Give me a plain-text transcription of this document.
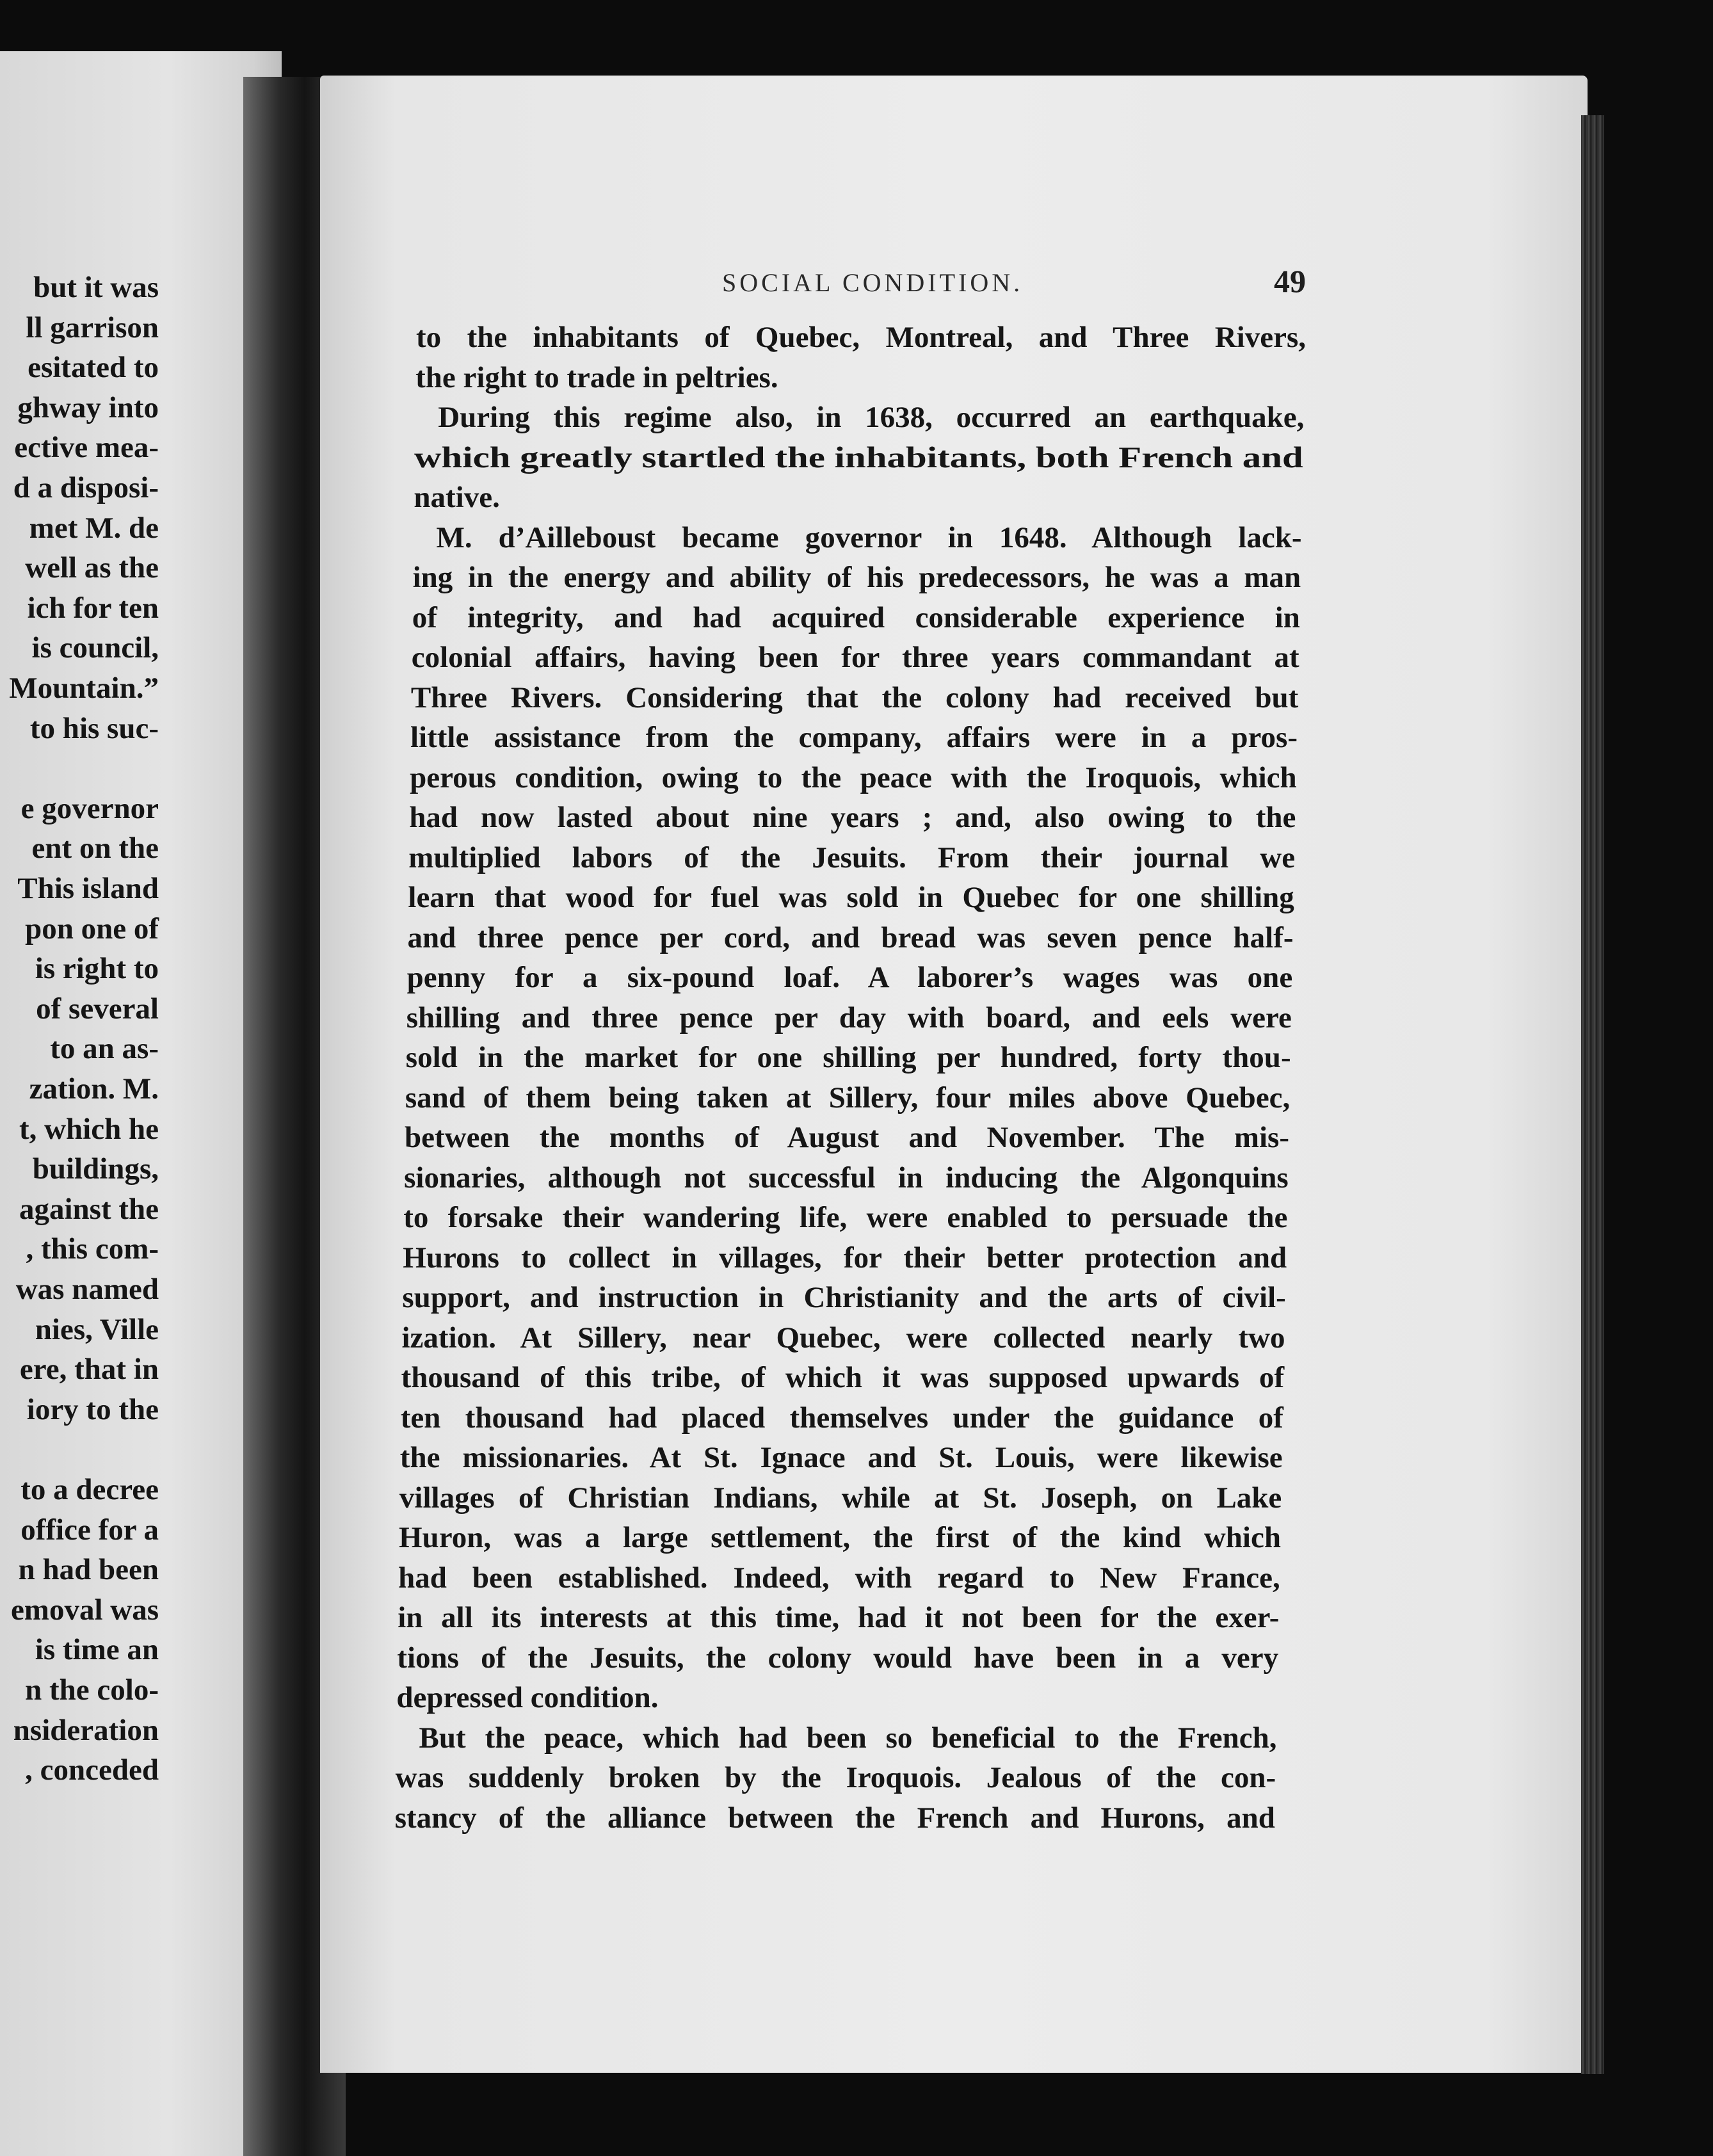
but it was
ll garrison
esitated to
ghway into
ective mea-
d a disposi-
met M. de
well as the
ich for ten
is council,
Mountain.”
to his suc-
e governor
ent on the
This island
pon one of
is right to
of several
to an as-
zation. M.
t, which he
buildings,
against the
, this com-
was named
nies, Ville
ere, that in
iory to the
to a decree
office for a
n had been
emoval was
is time an
n the colo-
nsideration
, conceded
SOCIAL CONDITION.	49
to the inhabitants of Quebec, Montreal, and Three Rivers,
the right to trade in peltries.
During this regime also, in 1638, occurred an earthquake,
which greatly startled the inhabitants, both French and
native.
M. d’Ailleboust became governor in 1648. Although lack-
ing in the energy and ability of his predecessors, he was a man
of integrity, and had acquired considerable experience in
colonial affairs, having been for three years commandant at
Three Rivers. Considering that the colony had received but
little assistance from the company, affairs were in a pros-
perous condition, owing to the peace with the Iroquois, which
had now lasted about nine years ; and, also owing to the
multiplied labors of the Jesuits. From their journal we
learn that wood for fuel was sold in Quebec for one shilling
and three pence per cord, and bread was seven pence half-
penny for a six-pound loaf. A laborer’s wages was one
shilling and three pence per day with board, and eels were
sold in the market for one shilling per hundred, forty thou-
sand of them being taken at Sillery, four miles above Quebec,
between the months of August and November. The mis-
sionaries, although not successful in inducing the Algonquins
to forsake their wandering life, were enabled to persuade the
Hurons to collect in villages, for their better protection and
support, and instruction in Christianity and the arts of civil-
ization. At Sillery, near Quebec, were collected nearly two
thousand of this tribe, of which it was supposed upwards of
ten thousand had placed themselves under the guidance of
the missionaries. At St. Ignace and St. Louis, were likewise
villages of Christian Indians, while at St. Joseph, on Lake
Huron, was a large settlement, the first of the kind which
had been established. Indeed, with regard to New France,
in all its interests at this time, had it not been for the exer-
tions of the Jesuits, the colony would have been in a very
depressed condition.
But the peace, which had been so beneficial to the French,
was suddenly broken by the Iroquois. Jealous of the con-
stancy of the alliance between the French and Hurons, and
